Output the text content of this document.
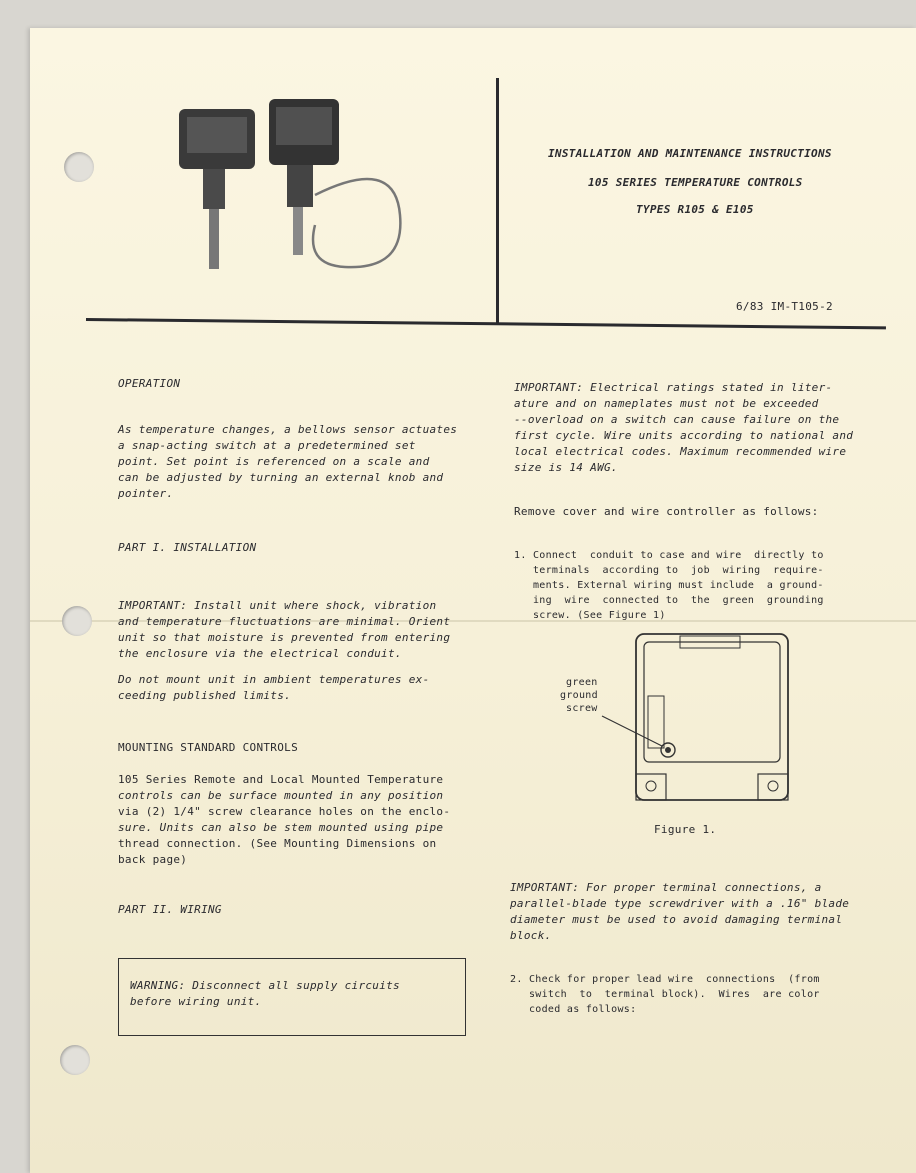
INSTALLATION AND MAINTENANCE INSTRUCTIONS
105 SERIES TEMPERATURE CONTROLS
TYPES R105 & E105
6/83 IM-T105-2
OPERATION
As temperature changes, a bellows sensor actuates
a snap-acting switch at a predetermined set
point. Set point is referenced on a scale and
can be adjusted by turning an external knob and
pointer.
PART I. INSTALLATION
IMPORTANT: Install unit where shock, vibration
and temperature fluctuations are minimal. Orient
unit so that moisture is prevented from entering
the enclosure via the electrical conduit.
Do not mount unit in ambient temperatures ex-
ceeding published limits.
MOUNTING STANDARD CONTROLS
105 Series Remote and Local Mounted Temperature
controls can be surface mounted in any position
via (2) 1/4" screw clearance holes on the enclo-
sure. Units can also be stem mounted using pipe
thread connection. (See Mounting Dimensions on
back page)
PART II. WIRING
WARNING: Disconnect all supply circuits
before wiring unit.
IMPORTANT: Electrical ratings stated in liter-
ature and on nameplates must not be exceeded
--overload on a switch can cause failure on the
first cycle. Wire units according to national and
local electrical codes. Maximum recommended wire
size is 14 AWG.
Remove cover and wire controller as follows:
1. Connect  conduit to case and wire  directly to
terminals  according to  job  wiring  require-
ments. External wiring must include  a ground-
ing  wire  connected to  the  green  grounding
screw. (See Figure 1)
green
ground
screw
Figure 1.
IMPORTANT: For proper terminal connections, a
parallel-blade type screwdriver with a .16" blade
diameter must be used to avoid damaging terminal
block.
2. Check for proper lead wire  connections  (from
switch  to  terminal block).  Wires  are color
coded as follows:
